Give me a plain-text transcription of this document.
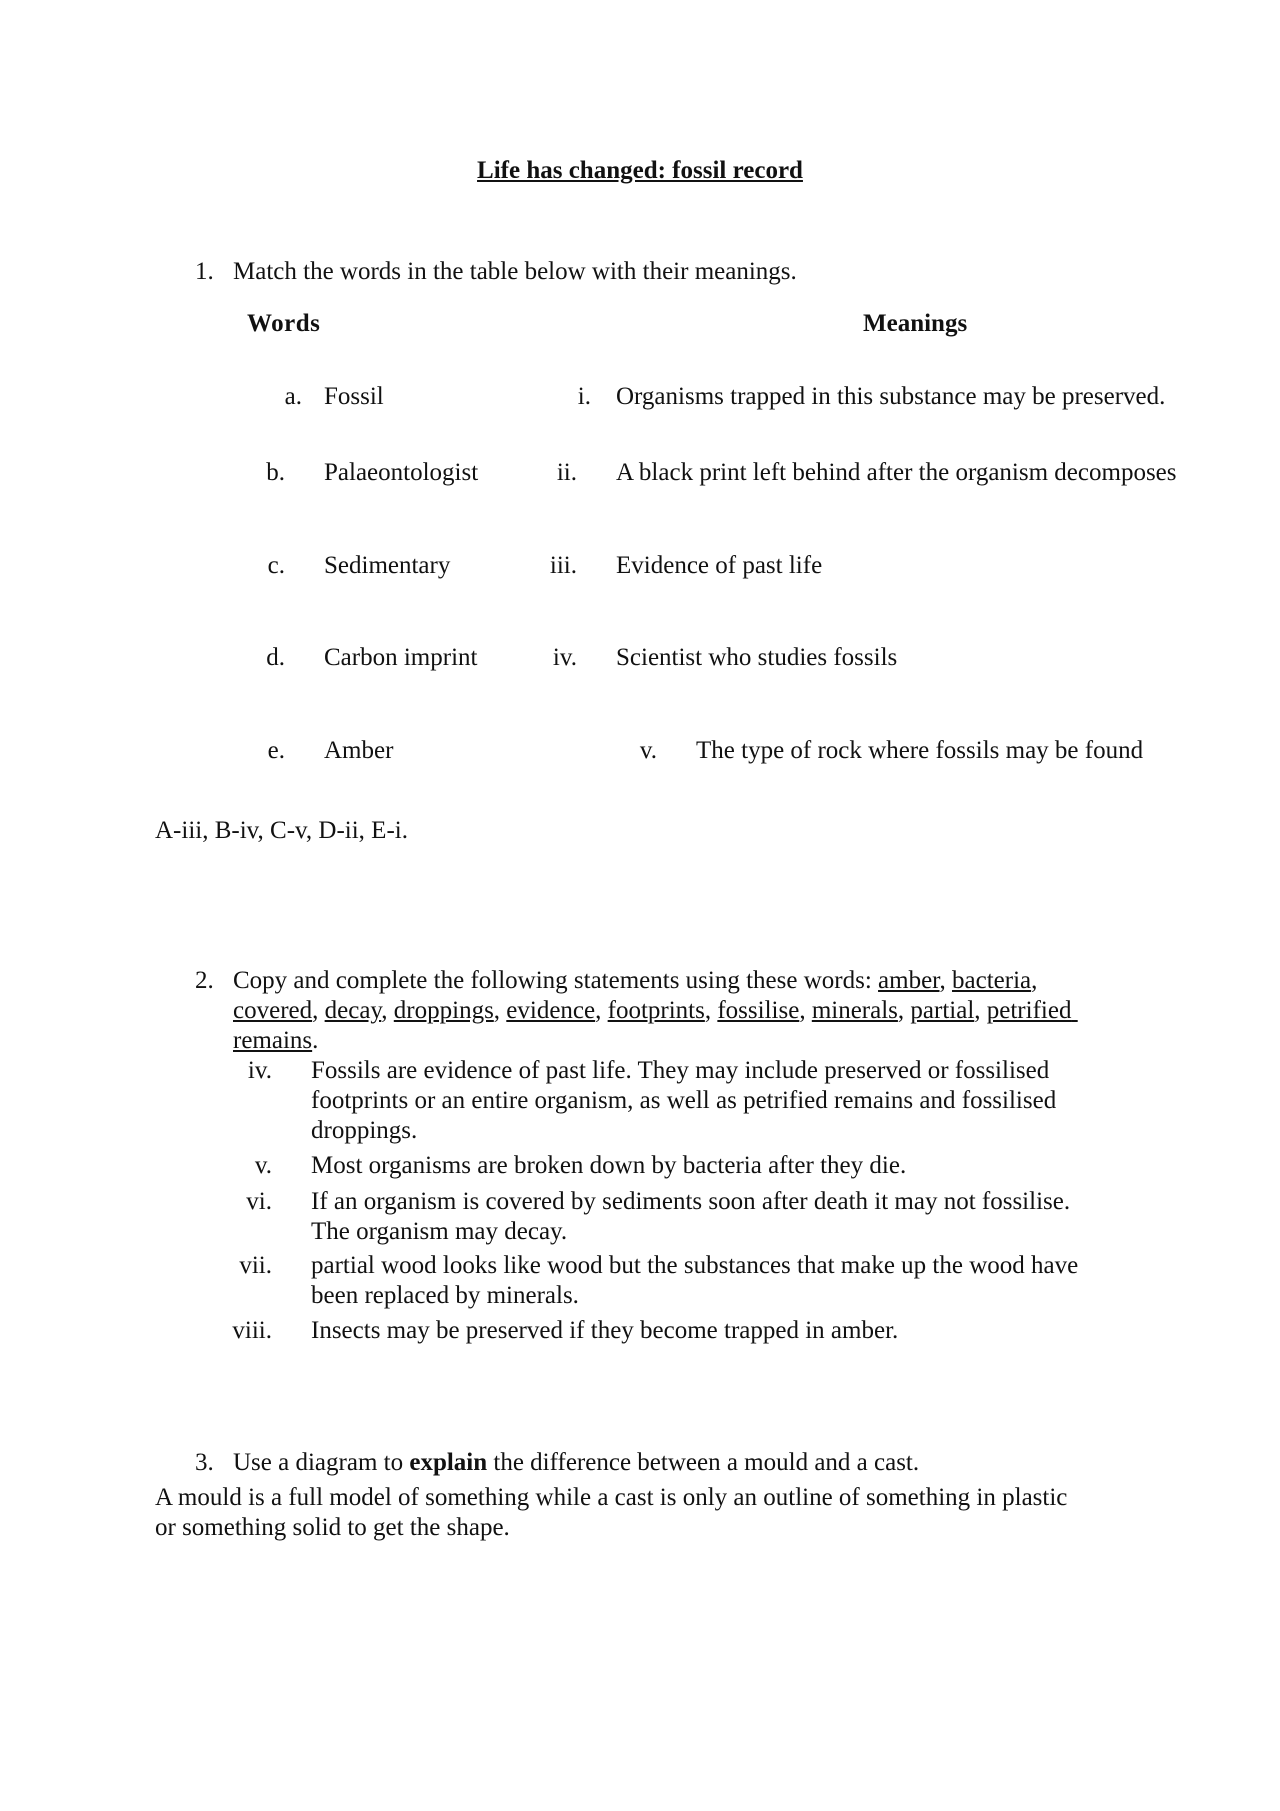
Life has changed: fossil record
1. Match the words in the table below with their meanings.
Words	Meanings
a. Fossil
b. Palaeontologist
c. Sedimentary
d. Carbon imprint
e. Amber
i. Organisms trapped in this substance may be preserved.
ii. A black print left behind after the organism decomposes
iii. Evidence of past life
iv. Scientist who studies fossils
v. The type of rock where fossils may be found
A-iii, B-iv, C-v, D-ii, E-i.
2. Copy and complete the following statements using these words: amber, bacteria,
covered, decay, droppings, evidence, footprints, fossilise, minerals, partial, petrified
remains.
iv. Fossils are evidence of past life. They may include preserved or fossilised
footprints or an entire organism, as well as petrified remains and fossilised
droppings.
v. Most organisms are broken down by bacteria after they die.
vi. If an organism is covered by sediments soon after death it may not fossilise.
The organism may decay.
vii. partial wood looks like wood but the substances that make up the wood have
been replaced by minerals.
viii. Insects may be preserved if they become trapped in amber.
3. Use a diagram to explain the difference between a mould and a cast.
A mould is a full model of something while a cast is only an outline of something in plastic
or something solid to get the shape.
